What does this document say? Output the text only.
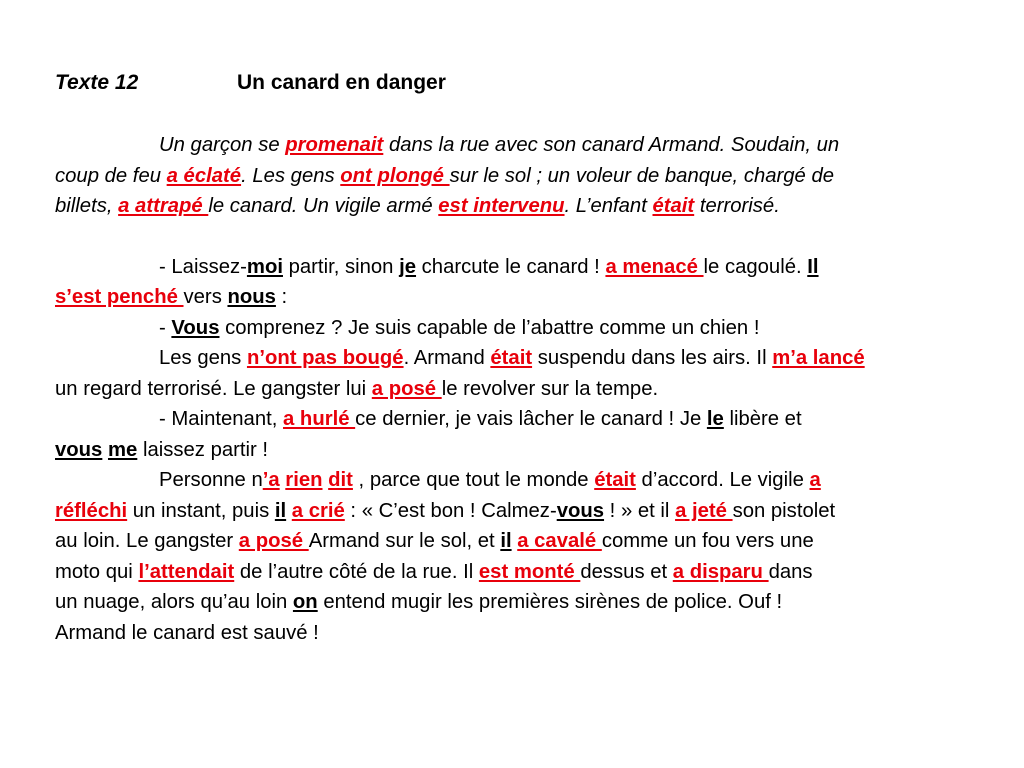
Texte 12	Un canard en danger

Un garçon se promenait dans la rue avec son canard Armand. Soudain, un

coup de feu a éclaté. Les gens ont plongé sur le sol ; un voleur de banque, chargé de

billets, a attrapé le canard. Un vigile armé est intervenu. L’enfant était terrorisé.

- Laissez-moi partir, sinon je charcute le canard ! a menacé le cagoulé. Il

s’est penché vers nous :

- Vous comprenez ? Je suis capable de l’abattre comme un chien !

Les gens n’ont pas bougé. Armand était suspendu dans les airs. Il m’a lancé

un regard terrorisé. Le gangster lui a posé le revolver sur la tempe.

- Maintenant, a hurlé ce dernier, je vais lâcher le canard ! Je le libère et

vous me laissez partir !

Personne n’a rien dit , parce que tout le monde était d’accord. Le vigile a

réfléchi un instant, puis il a crié : « C’est bon ! Calmez-vous ! » et il a jeté son pistolet

au loin. Le gangster a posé Armand sur le sol, et il a cavalé comme un fou vers une

moto qui l’attendait de l’autre côté de la rue. Il est monté dessus et a disparu dans

un nuage, alors qu’au loin on entend mugir les premières sirènes de police. Ouf !

Armand le canard est sauvé !
